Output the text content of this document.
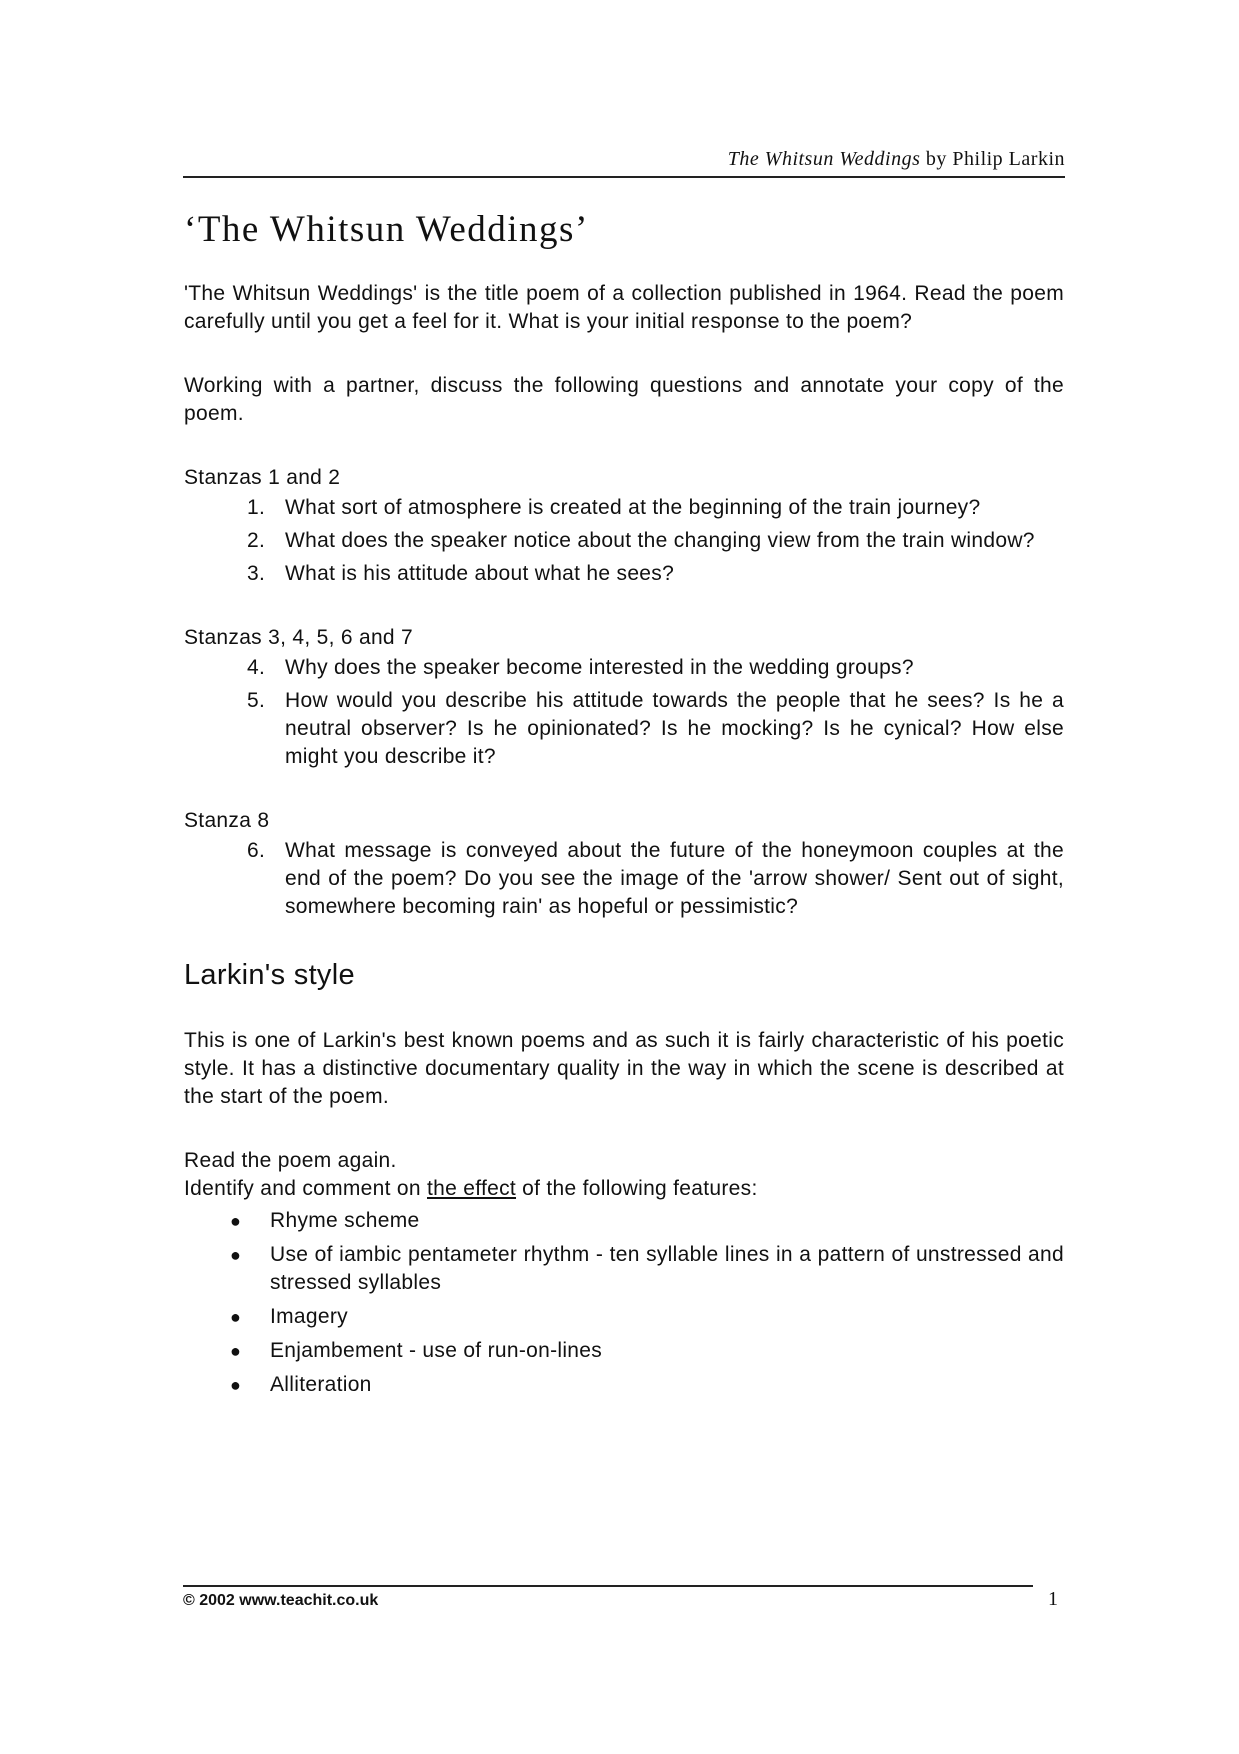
The Whitsun Weddings by Philip Larkin
‘The Whitsun Weddings’

'The Whitsun Weddings' is the title poem of a collection published in 1964. Read the poem carefully until you get a feel for it. What is your initial response to the poem?

Working with a partner, discuss the following questions and annotate your copy of the poem.

Stanzas 1 and 2
1. What sort of atmosphere is created at the beginning of the train journey?
2. What does the speaker notice about the changing view from the train window?
3. What is his attitude about what he sees?
Stanzas 3, 4, 5, 6 and 7
4. Why does the speaker become interested in the wedding groups?
5. How would you describe his attitude towards the people that he sees? Is he a neutral observer? Is he opinionated? Is he mocking? Is he cynical? How else might you describe it?
Stanza 8
6. What message is conveyed about the future of the honeymoon couples at the end of the poem? Do you see the image of the 'arrow shower/ Sent out of sight, somewhere becoming rain' as hopeful or pessimistic?
Larkin's style

This is one of Larkin's best known poems and as such it is fairly characteristic of his poetic style. It has a distinctive documentary quality in the way in which the scene is described at the start of the poem.

Read the poem again.
Identify and comment on the effect of the following features:
●	Rhyme scheme
●	Use of iambic pentameter rhythm - ten syllable lines in a pattern of unstressed and stressed syllables
●	Imagery
●	Enjambement - use of run-on-lines
●	Alliteration
© 2002 www.teachit.co.uk	1
